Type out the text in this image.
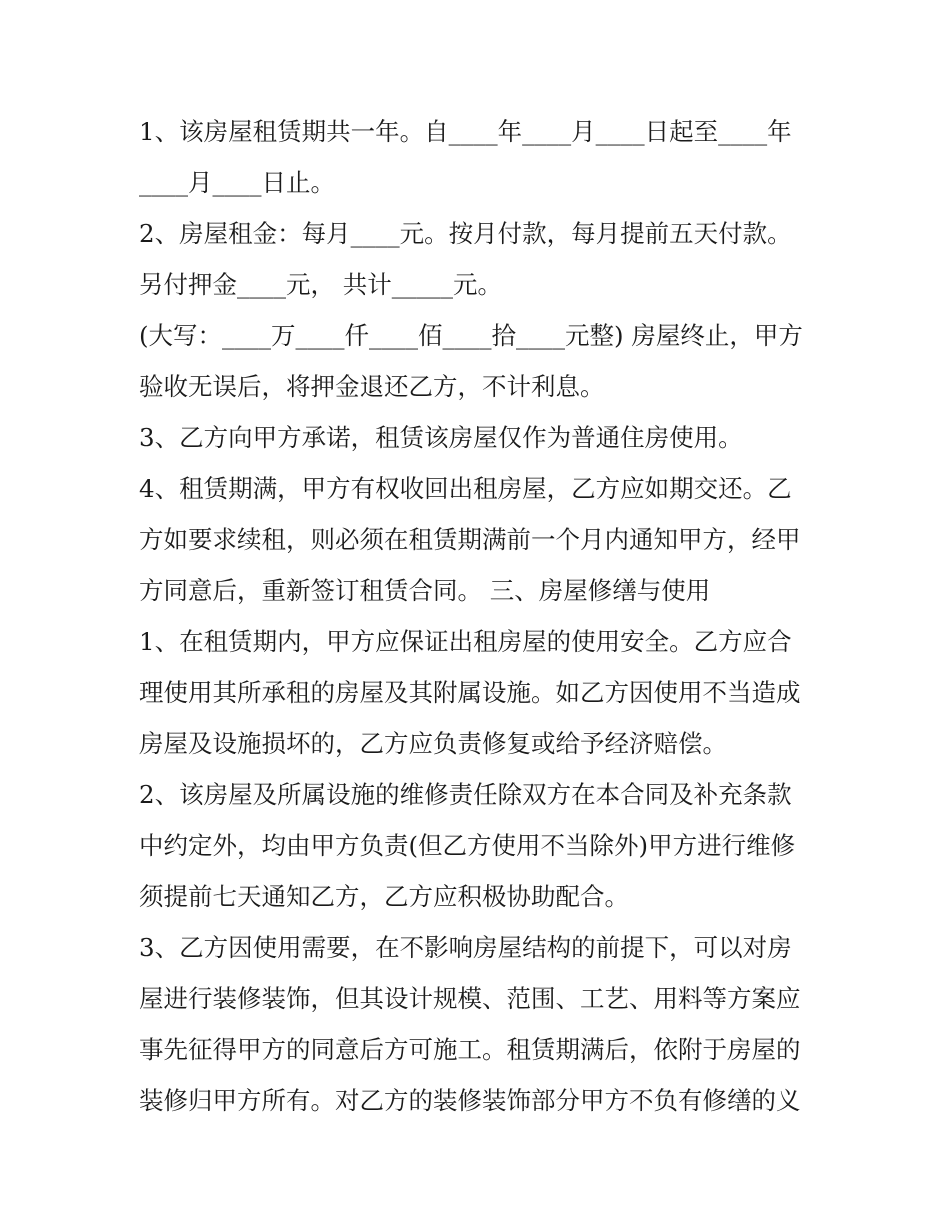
1、该房屋租赁期共一年。自____年____月____日起至____年
____月____日止。
2、房屋租金：每月____元。按月付款，每月提前五天付款。
另付押金____元， 共计_____元。
(大写：____万____仟____佰____拾____元整) 房屋终止，甲方
验收无误后，将押金退还乙方，不计利息。
3、乙方向甲方承诺，租赁该房屋仅作为普通住房使用。
4、租赁期满，甲方有权收回出租房屋，乙方应如期交还。乙
方如要求续租，则必须在租赁期满前一个月内通知甲方，经甲
方同意后，重新签订租赁合同。 三、房屋修缮与使用
1、在租赁期内，甲方应保证出租房屋的使用安全。乙方应合
理使用其所承租的房屋及其附属设施。如乙方因使用不当造成
房屋及设施损坏的，乙方应负责修复或给予经济赔偿。
2、该房屋及所属设施的维修责任除双方在本合同及补充条款
中约定外，均由甲方负责(但乙方使用不当除外)甲方进行维修
须提前七天通知乙方，乙方应积极协助配合。
3、乙方因使用需要，在不影响房屋结构的前提下，可以对房
屋进行装修装饰，但其设计规模、范围、工艺、用料等方案应
事先征得甲方的同意后方可施工。租赁期满后，依附于房屋的
装修归甲方所有。对乙方的装修装饰部分甲方不负有修缮的义
